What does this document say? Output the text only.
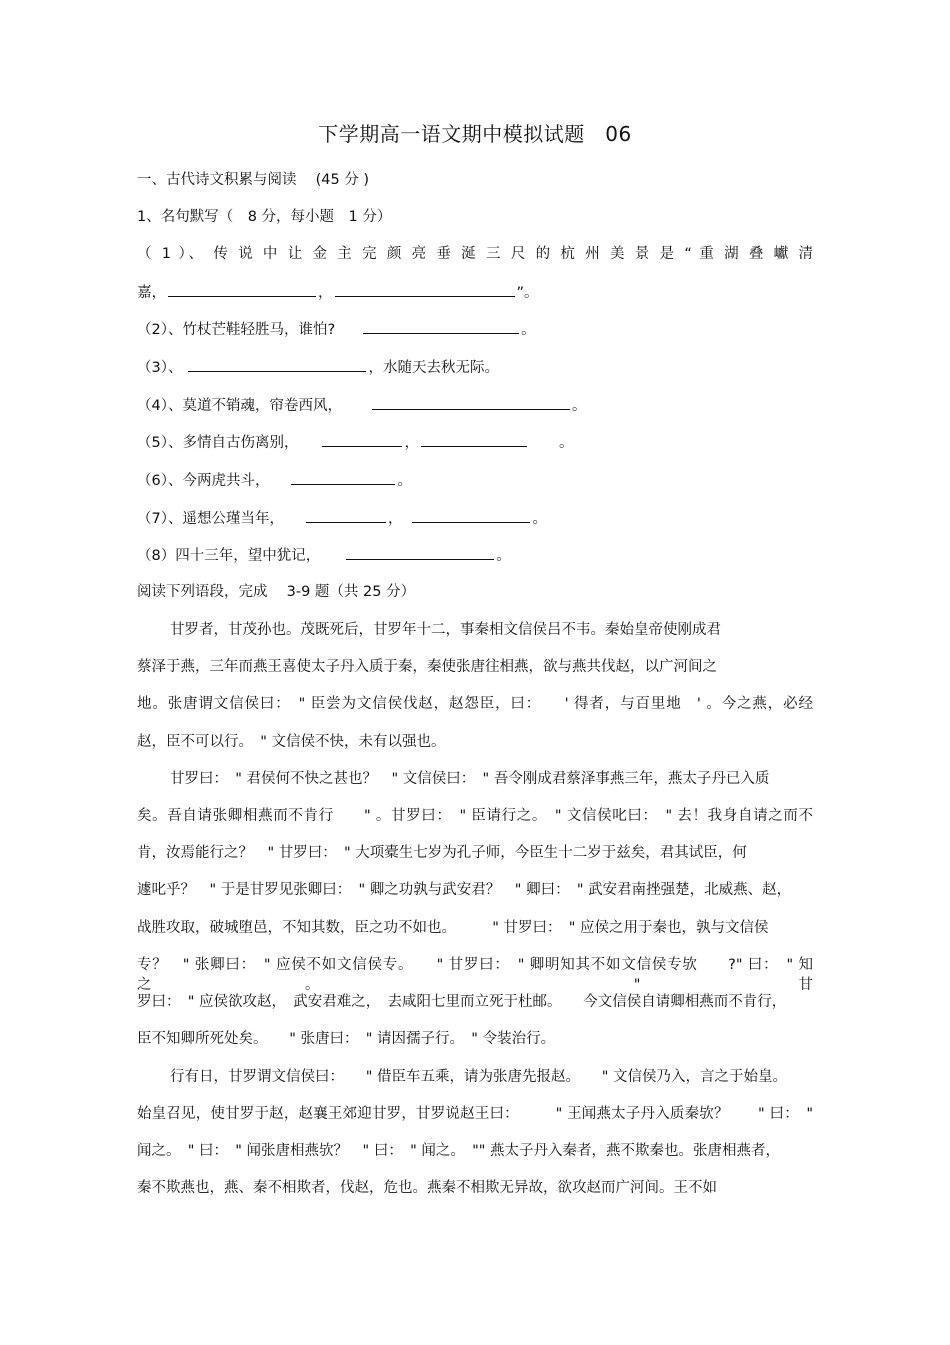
下学期高一语文期中模拟试题　06
一、古代诗文积累与阅读　 (45 分 )
1、名句默写（　8 分，每小题　1 分）
（ 1 ）、 传 说 中 让 金 主 完 颜 亮 垂 涎 三 尺 的 杭 州 美 景 是 “ 重 湖 叠 巘 清
嘉，	，	”。
（2）、竹杖芒鞋轻胜马，谁怕?	。
（3）、	，水随天去秋无际。
（4）、莫道不销魂，帘卷西风，	。
（5）、多情自古伤离别，	，	。
（6）、今两虎共斗，	。
（7）、遥想公瑾当年，	，	。
（8）四十三年，望中犹记，	。
阅读下列语段，完成　 3-9 题（共 25 分）
甘罗者，甘茂孙也。茂既死后，甘罗年十二，事秦相文信侯吕不韦。秦始皇帝使刚成君
蔡泽于燕，三年而燕王喜使太子丹入质于秦，秦使张唐往相燕，欲与燕共伐赵，以广河间之
地。张唐谓文信侯曰：　" 臣尝为文信侯伐赵，赵怨臣，曰：　　' 得者，与百里地　' 。今之燕，必经
赵，臣不可以行。　" 文信侯不快，未有以强也。
甘罗曰：　" 君侯何不快之甚也？　" 文信侯曰：　" 吾令刚成君蔡泽事燕三年，燕太子丹已入质
矣。吾自请张卿相燕而不肯行　　" 。甘罗曰：　" 臣请行之。　" 文信侯叱曰：　" 去！我身自请之而不
肯，汝焉能行之？　" 甘罗曰：　" 大项橐生七岁为孔子师，今臣生十二岁于兹矣，君其试臣，何
遽叱乎？　" 于是甘罗见张卿曰：　" 卿之功孰与武安君？　" 卿曰：　" 武安君南挫强楚，北威燕、赵，
战胜攻取，破城堕邑，不知其数，臣之功不如也。　　　" 甘罗曰：　" 应侯之用于秦也，孰与文信侯
专？　" 张卿曰：　" 应侯不如文信侯专。　　" 甘罗曰：　" 卿明知其不如文信侯专欤　　?" 曰：　" 知之。　" 甘
罗曰：　" 应侯欲攻赵，　武安君难之，　去咸阳七里而立死于杜邮。　　今文信侯自请卿相燕而不肯行，
臣不知卿所死处矣。　　" 张唐曰：　" 请因孺子行。　" 令装治行。
行有日，甘罗谓文信侯曰：　　" 借臣车五乘，请为张唐先报赵。　　" 文信侯乃入，言之于始皇。
始皇召见，使甘罗于赵，赵襄王郊迎甘罗，甘罗说赵王曰：　　　" 王闻燕太子丹入质秦欤？　　" 曰：　"
闻之。　" 曰：　" 闻张唐相燕欤？　" 曰：　" 闻之。　"" 燕太子丹入秦者，燕不欺秦也。张唐相燕者，
秦不欺燕也，燕、秦不相欺者，伐赵，危也。燕秦不相欺无异故，欲攻赵而广河间。王不如
